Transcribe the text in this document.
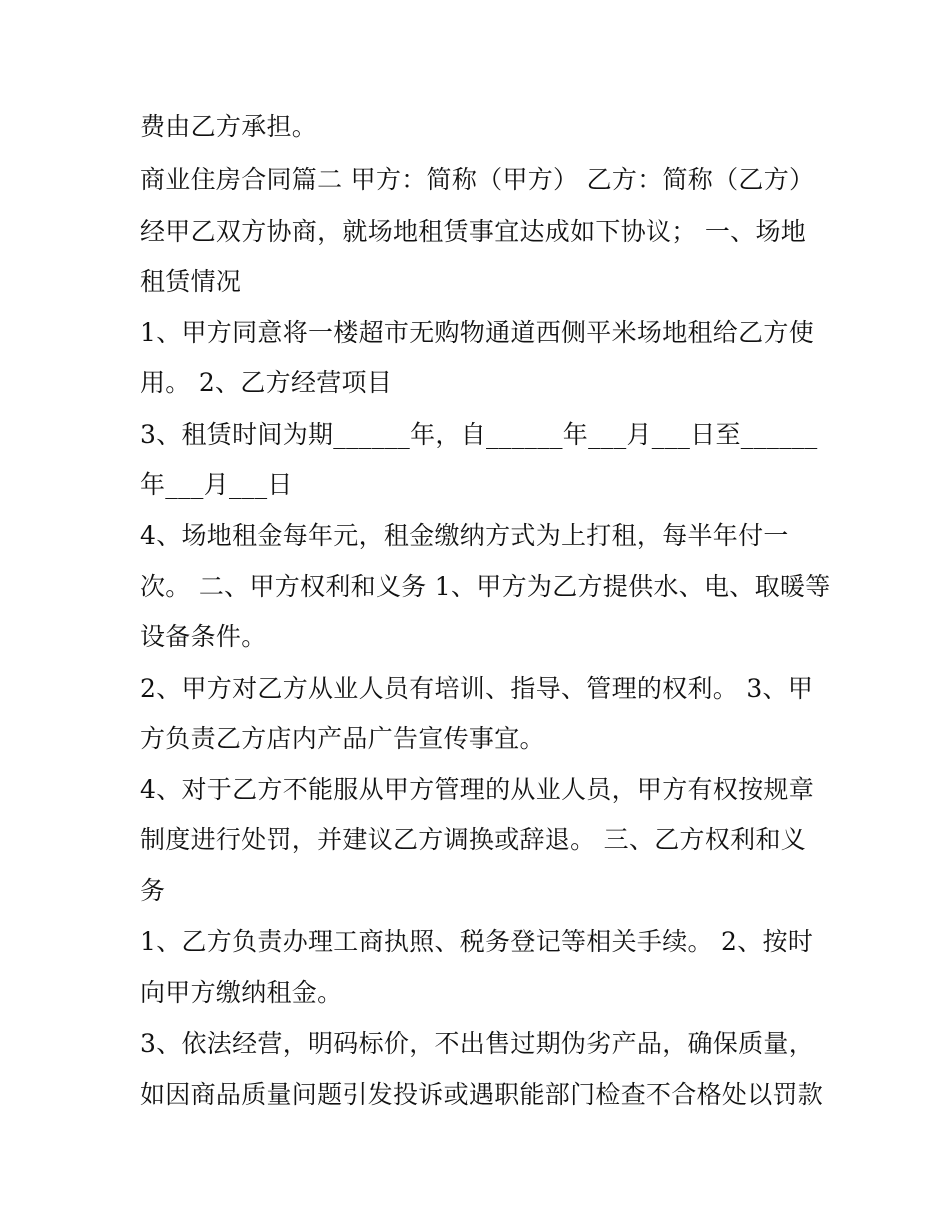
费由乙方承担。
商业住房合同篇二 甲方：简称（甲方） 乙方：简称（乙方）
经甲乙双方协商，就场地租赁事宜达成如下协议； 一、场地
租赁情况
1、甲方同意将一楼超市无购物通道西侧平米场地租给乙方使
用。 2、乙方经营项目
3、租赁时间为期______年，自______年___月___日至______
年___月___日
4、场地租金每年元，租金缴纳方式为上打租，每半年付一
次。 二、甲方权利和义务 1、甲方为乙方提供水、电、取暖等
设备条件。
2、甲方对乙方从业人员有培训、指导、管理的权利。 3、甲
方负责乙方店内产品广告宣传事宜。
4、对于乙方不能服从甲方管理的从业人员，甲方有权按规章
制度进行处罚，并建议乙方调换或辞退。 三、乙方权利和义
务
1、乙方负责办理工商执照、税务登记等相关手续。 2、按时
向甲方缴纳租金。
3、依法经营，明码标价，不出售过期伪劣产品，确保质量，
如因商品质量问题引发投诉或遇职能部门检查不合格处以罚款
